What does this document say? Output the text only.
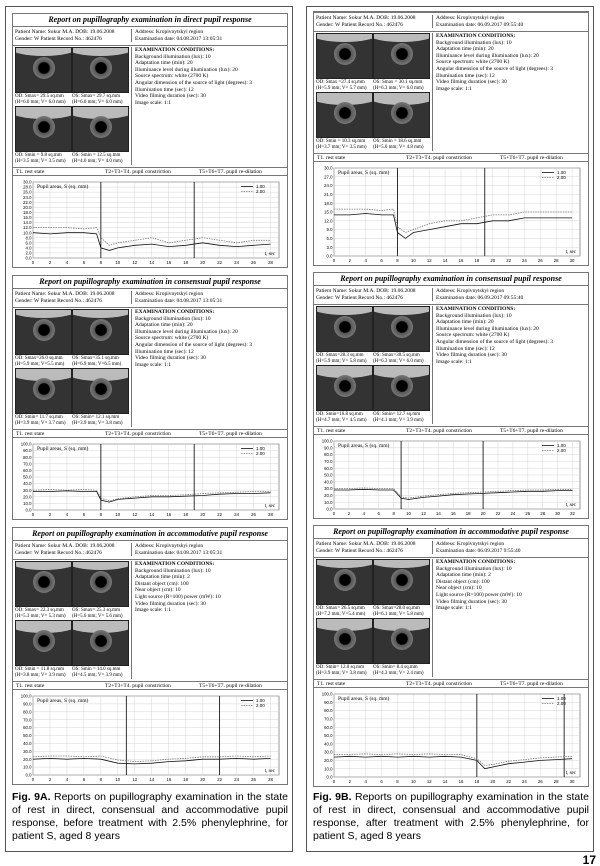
Report on pupillography examination in direct pupil response
Patient Name: Sokur M.A. DOB: 19.06.2008
Gender: W Patient Record No.: 462476
Address: Kropivnytskyi region
Examination date: 04.08.2017 13:05:31
OD: Smax= 29.5 sq.mm (H=6.0 mm; V= 6.0 mm)
OS: Smax= 29.7 sq.mm (H=6.0 mm; V= 6.0 mm)
OD: Smin = 9.8 sq.mm (H=3.5 mm; V= 3.5 mm)
OS: Smin = 12.5 sq.mm (H=4.0 mm; V= 4.0 mm)
EXAMINATION CONDITIONS:
Background illumination (lux): 10
Adaptation time (min): 20
Illuminance level during illumination (lux): 20
Source spectrum: white (2700 K)
Angular dimension of the source of light (degrees): 3
Illumination time (sec): 12
Video filming duration (sec): 30
Image scale: 1:1
T1. rest state	T2+T3+T4. pupil constriction	T5+T6+T7. pupil re-dilation
0.0
2.0
4.0
6.0
8.0
10.0
12.0
14.0
16.0
18.0
20.0
22.0
24.0
26.0
28.0
30.0
0	2	4	6	8	10	12	14	16	18	20	22	24	26	28
Pupil areas, S (sq. mm)	1.00
2.00
t, sec
Report on pupillography examination in consensual pupil response
Patient Name: Sokur M.A. DOB: 19.06.2008
Gender: W Patient Record No.: 462476
Address: Kropivnytskyi region
Examination date: 04.08.2017 13:05:31
OD: Smax=26.0 sq.mm (H=5.9 mm; V=5.5 mm)
OS: Smax=35.1 sq.mm (H=6.9 mm; V=6.5 mm)
OD: Smin= 11.7 sq.mm (H=3.9 mm; V= 3.7 mm)
OS: Smin= 12.1 sq.mm (H=3.9 mm; V= 3.8 mm)
EXAMINATION CONDITIONS:
Background illumination (lux): 10
Adaptation time (min): 20
Illuminance level during illumination (lux): 20
Source spectrum: white (2700 K)
Angular dimension of the source of light (degrees): 3
Illumination time (sec): 12
Video filming duration (sec): 30
Image scale: 1:1
T1. rest state	T2+T3+T4. pupil constriction	T5+T6+T7. pupil re-dilation
0.0
10.0
20.0
30.0
40.0
50.0
60.0
70.0
80.0
90.0
100.0
0	2	4	6	8	10	12	14	16	18	20	22	24	26	28
Pupil areas, S (sq. mm)	1.00
2.00
t, sec
Report on pupillography examination in accommodative pupil response
Patient Name: Sokur M.A. DOB: 19.06.2008
Gender: W Patient Record No.: 462476
Address: Kropivnytskyi region
Examination date: 04.08.2017 13:05:31
OD: Smax= 22.3 sq.mm (H=5.3 mm; V= 5.3 mm)
OS: Smax= 25.3 sq.mm (H=5.6 mm; V= 5.6 mm)
OD: Smin = 11.8 sq.mm (H=3.8 mm; V= 3.9 mm)
OS: Smin = 14.0 sq.mm (H=4.5 mm; V= 3.9 mm)
EXAMINATION CONDITIONS:
Background illumination (lux): 10
Adaptation time (min): 2
Distant object (cm): 100
Near object (cm): 10
Light source (R=100) power (mW): 10
Video filming duration (sec): 30
Image scale: 1:1
T1. rest state	T2+T3+T4. pupil constriction	T5+T6+T7. pupil re-dilation
0.0
10.0
20.0
30.0
40.0
50.0
60.0
70.0
80.0
90.0
100.0
0	2	4	6	8	10	12	14	16	18	20	22	24	26	28
Pupil areas, S (sq. mm)	1.00
2.00
t, sec
Fig. 9A. Reports on pupillography examination in the state of rest in direct, consensual and accommodative pupil response, before treatment with 2.5% phenylephrine, for patient S, aged 8 years
Patient Name: Sokur M.A. DOB: 19.06.2008
Gender: W Patient Record No.: 462476
Address: Kropivnytskyi region
Examination date: 06.09.2017 09:55:40
OD: Smax =27.4 sq.mm (H=5.9 mm; V= 5.7 mm)
OS: Smax = 30.1 sq.mm (H=6.3 mm; V= 6.0 mm)
OD: Smin = 10.3 sq.mm (H=3.7 mm; V= 3.5 mm)
OS: Smin = 18.6 sq.mm (H=5.0 mm; V= 4.8 mm)
EXAMINATION CONDITIONS:
Background illumination (lux): 10
Adaptation time (min): 20
Illuminance level during illumination (lux): 20
Source spectrum: white (2700 K)
Angular dimension of the source of light (degrees): 3
Illumination time (sec): 12
Video filming duration (sec): 30
Image scale: 1:1
T1. rest state	T2+T3+T4. pupil constriction	T5+T6+T7. pupil re-dilation
0.0
3.0
6.0
9.0
12.0
15.0
18.0
21.0
24.0
27.0
30.0
0	2	4	6	8	10	12	14	16	18	20	22	24	26	28	30
Pupil areas, S (sq. mm)	1.00
2.00
t, sec
Report on pupillography examination in consensual pupil response
Patient Name: Sokur M.A. DOB: 19.06.2008
Gender: W Patient Record No.: 462476
Address: Kropivnytskyi region
Examination date: 06.09.2017 09:55:40
OD: Smax=28.3 sq.mm (H=5.9 mm; V= 5.8 mm)
OS: Smax=30.5 sq.mm (H=6.3 mm; V= 6.0 mm)
OD: Smin=16.8 sq.mm (H=4.7 mm; V= 4.5 mm)
OS: Smin= 12.7 sq.mm (H=4.1 mm; V= 3.9 mm)
EXAMINATION CONDITIONS:
Background illumination (lux): 10
Adaptation time (min): 20
Illuminance level during illumination (lux): 20
Source spectrum: white (2700 K)
Angular dimension of the source of light (degrees): 3
Illumination time (sec): 12
Video filming duration (sec): 30
Image scale: 1:1
T1. rest state	T2+T3+T4. pupil constriction	T5+T6+T7. pupil re-dilation
0.0
10.0
20.0
30.0
40.0
50.0
60.0
70.0
80.0
90.0
100.0
0	2	4	6	8	10 12 14 16 18 20 22 24 26 28 30 32
Pupil areas, S (sq. mm)	1.00
2.00
t, sec
Report on pupillography examination in accommodative pupil response
Patient Name: Sokur M.A. DOB: 19.06.2008
Gender: W Patient Record No.: 462476
Address: Kropivnytskyi region
Examination date: 06.09.2017 9:55:40
OD: Smax= 26.5 sq.mm (H=7.2 mm; V=5.4 mm)
OS: Smax=28.0 sq.mm (H=6.1 mm; V= 5.8 mm)
OD: Smin= 12.0 sq.mm (H=3.9 mm; V= 3.8 mm)
OS: Smin= 8.4 sq.mm (H=4.3 mm; V= 2.4 mm)
EXAMINATION CONDITIONS:
Background illumination (lux): 10
Adaptation time (min): 2
Distant object (cm): 100
Near object (cm): 10
Light source (R=100) power (mW): 10
Video filming duration (sec): 30
Image scale: 1:1
T1. rest state	T2+T3+T4. pupil constriction	T5+T6+T7. pupil re-dilation
0.0
10.0
20.0
30.0
40.0
50.0
60.0
70.0
80.0
90.0
100.0
0	2	4	6	8	10	12	14	16	18	20	22	24	26	28	30
Pupil areas, S (sq. mm)	1.00
2.00
t, sec
Fig. 9B. Reports on pupillography examination in the state of rest in direct, consensual and accommodative pupil response, after treatment with 2.5% phenylephrine, for patient S, aged 8 years
17
